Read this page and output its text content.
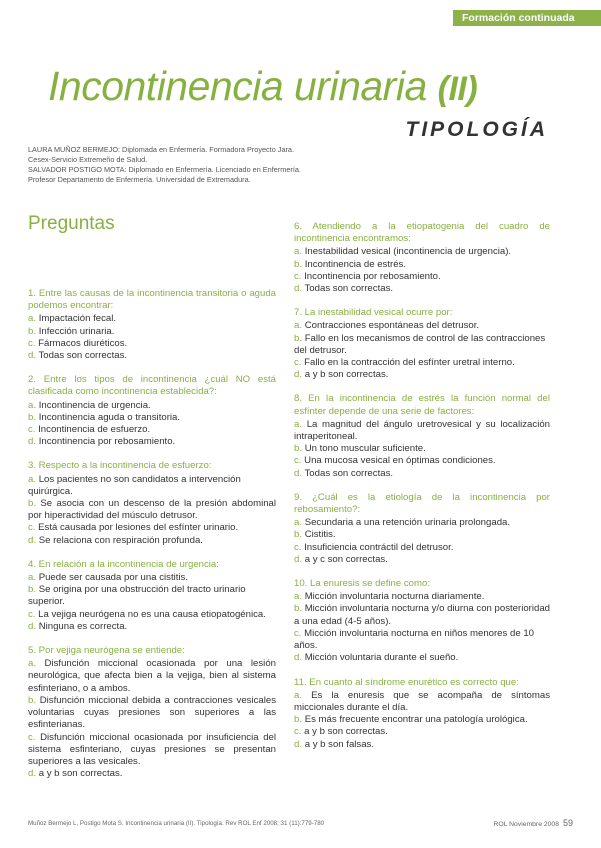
Formación continuada
Incontinencia urinaria (II)
TIPOLOGÍA
LAURA MUÑOZ BERMEJO: Diplomada en Enfermería. Formadora Proyecto Jara.
Cesex-Servicio Extremeño de Salud.
SALVADOR POSTIGO MOTA: Diplomado en Enfermería. Licenciado en Enfermería.
Profesor Departamento de Enfermería. Universidad de Extremadura.
Preguntas
1. Entre las causas de la incontinencia transitoria o aguda podemos encontrar:
a. Impactación fecal.
b. Infección urinaria.
c. Fármacos diuréticos.
d. Todas son correctas.
2. Entre los tipos de incontinencia ¿cuál NO está clasificada como incontinencia establecida?:
a. Incontinencia de urgencia.
b. Incontinencia aguda o transitoria.
c. Incontinencia de esfuerzo.
d. Incontinencia por rebosamiento.
3. Respecto a la incontinencia de esfuerzo:
a. Los pacientes no son candidatos a intervención quirúrgica.
b. Se asocia con un descenso de la presión abdominal por hiperactividad del músculo detrusor.
c. Está causada por lesiones del esfínter urinario.
d. Se relaciona con respiración profunda.
4. En relación a la incontinencia de urgencia:
a. Puede ser causada por una cistitis.
b. Se origina por una obstrucción del tracto urinario superior.
c. La vejiga neurógena no es una causa etiopatogénica.
d. Ninguna es correcta.
5. Por vejiga neurógena se entiende:
a. Disfunción miccional ocasionada por una lesión neurológica, que afecta bien a la vejiga, bien al sistema esfinteriano, o a ambos.
b. Disfunción miccional debida a contracciones vesicales voluntarias cuyas presiones son superiores a las esfinterianas.
c. Disfunción miccional ocasionada por insuficiencia del sistema esfinteriano, cuyas presiones se presentan superiores a las vesicales.
d. a y b son correctas.
6. Atendiendo a la etiopatogenia del cuadro de incontinencia encontramos:
a. Inestabilidad vesical (incontinencia de urgencia).
b. Incontinencia de estrés.
c. Incontinencia por rebosamiento.
d. Todas son correctas.
7. La inestabilidad vesical ocurre por:
a. Contracciones espontáneas del detrusor.
b. Fallo en los mecanismos de control de las contracciones del detrusor.
c. Fallo en la contracción del esfínter uretral interno.
d. a y b son correctas.
8. En la incontinencia de estrés la función normal del esfínter depende de una serie de factores:
a. La magnitud del ángulo uretrovesical y su localización intraperitoneal.
b. Un tono muscular suficiente.
c. Una mucosa vesical en óptimas condiciones.
d. Todas son correctas.
9. ¿Cuál es la etiología de la incontinencia por rebosamiento?:
a. Secundaria a una retención urinaria prolongada.
b. Cistitis.
c. Insuficiencia contráctil del detrusor.
d. a y c son correctas.
10. La enuresis se define como:
a. Micción involuntaria nocturna diariamente.
b. Micción involuntaria nocturna y/o diurna con posterioridad a una edad (4-5 años).
c. Micción involuntaria nocturna en niños menores de 10 años.
d. Micción voluntaria durante el sueño.
11. En cuanto al síndrome enurético es correcto que:
a. Es la enuresis que se acompaña de síntomas miccionales durante el día.
b. Es más frecuente encontrar una patología urológica.
c. a y b son correctas.
d. a y b son falsas.
Muñoz Bermejo L, Postigo Mota S. Incontinencia urinaria (II). Tipología. Rev ROL Enf 2008; 31 (11):779-780	ROL Noviembre 2008 59
